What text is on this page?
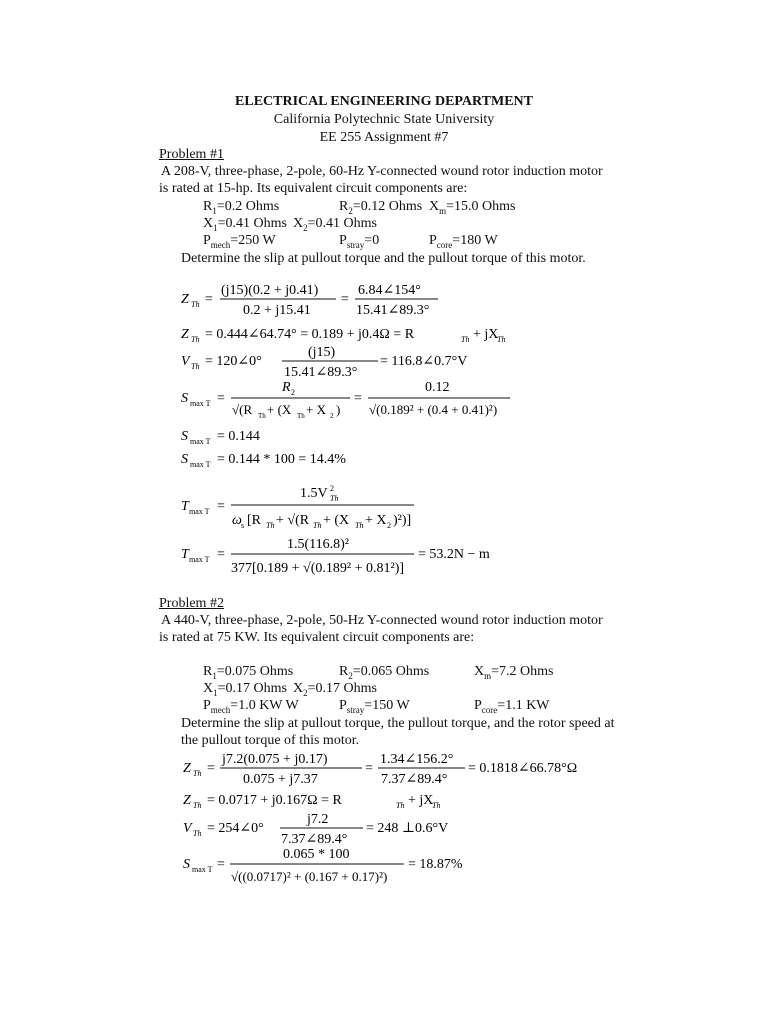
ELECTRICAL ENGINEERING DEPARTMENT
California Polytechnic State University
EE 255 Assignment #7
Problem #1
A 208-V, three-phase, 2-pole, 60-Hz Y-connected wound rotor induction motor
is rated at 15-hp. Its equivalent circuit components are:
$R_1=0.2$ Ohms	$R_2=0.12$ Ohms $X_m=15.0$ Ohms
$X_1=0.41$ Ohms $X_2=0.41$ Ohms
$P_{mech}=250$ W	$P_{stray}=0$	$P_{core}=180$ W
Determine the slip at pullout torque and the pullout torque of this motor.
Z Th =
(j15)(0.2 + j0.41)
0.2 + j15.41
=
6.84∠154°
15.41∠89.3°
Z Th = 0.444∠64.74° = 0.189 + j0.4Ω = R	Th + jX
Th
V Th = 120∠0°
(j15)
15.41∠89.3°
= 116.8∠0.7°V
S max T =
R 2
√(R Th + (X Th + X 2 )
=
0.12
√(0.189² + (0.4 + 0.41)²)
S max T = 0.144
S max T = 0.144 * 100 = 14.4%
T max T =
1.5V 2
Th
ω s [R Th + √(R Th + (X Th + X 2 )²)]
T max T =
1.5(116.8)²
377[0.189 + √(0.189² + 0.81²)]
= 53.2N − m
Problem #2
A 440-V, three-phase, 2-pole, 50-Hz Y-connected wound rotor induction motor
is rated at 75 KW. Its equivalent circuit components are:
$R_1=0.075$ Ohms	$R_2=0.065$ Ohms	$X_m=7.2$ Ohms
$X_1=0.17$ Ohms $X_2=0.17$ Ohms
$P_{mech}=1.0$ KW W	$P_{stray}=150$ W	$P_{core}=1.1$ KW
Determine the slip at pullout torque, the pullout torque, and the rotor speed at
the pullout torque of this motor.
Z Th =
j7.2(0.075 + j0.17)
0.075 + j7.37
=
1.34∠156.2°
7.37∠89.4°
= 0.1818∠66.78°Ω
Z Th = 0.0717 + j0.167Ω = R	Th + jX
Th
V Th = 254∠0°
j7.2
7.37∠89.4°
= 248 ⊥0.6°V
S max T =
0.065 * 100
√((0.0717)² + (0.167 + 0.17)²)
= 18.87%
